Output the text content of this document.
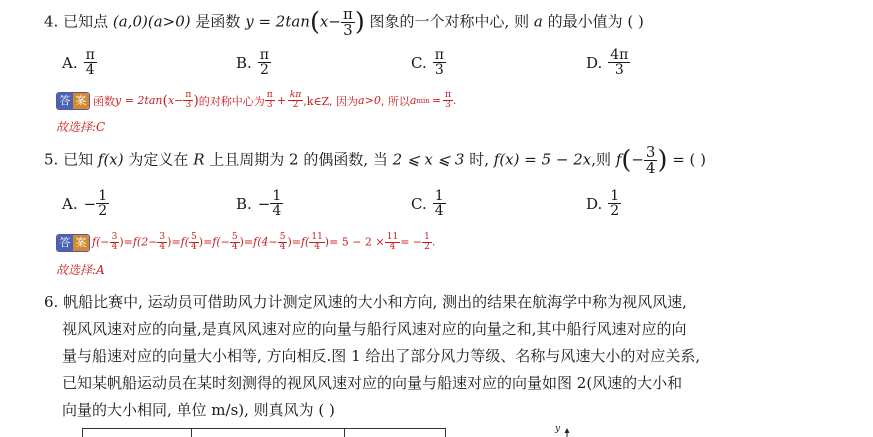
4. 已知点 (a,0)(a>0) 是函数 $y = 2\tan(x- \frac{\pi}{3}$ ) 图象的一个对称中心, 则 a 的最小值为 ( )
A. $\frac{\pi}{4}$	B. $\frac{\pi}{2}$	C. $\frac{\pi}{3}$	D. $\frac{4\pi}{3}$
答 案 函数 y = 2tan ( $x- \frac{\pi}{3}$ ) 的对称中心为 $\frac{\pi}{3} + \frac{k\pi}{2}$ ,k∈Z, 因为 a>0 , 所以 a $\min = \frac{\pi}{3}$ .
故选择:C
5. 已知 f(x) 为定义在 R 上且周期为 2 的偶函数, 当 2 ⩽ x ⩽ 3 时, f(x) = 5 − 2x,则 $f(- \frac{3}{4}$ ) = ( )
A. − $\frac{1}{2}$	B. − $\frac{1}{4}$	C. $\frac{1}{4}$	D. $\frac{1}{2}$
答 案 $f(- \frac{3}{4}$ )= $f(2- \frac{3}{4}$ )= $f( \frac{5}{4}$ )= $f(- \frac{5}{4}$ )= $f(4- \frac{5}{4}$ )= $f( \frac{11}{4}$ )= $5 - 2 \times \frac{11}{4}$ = − $\frac{1}{2}$ .
故选择:A
6. 帆船比赛中, 运动员可借助风力计测定风速的大小和方向, 测出的结果在航海学中称为视风风速,
视风风速对应的向量,是真风风速对应的向量与船行风速对应的向量之和,其中船行风速对应的向
量与船速对应的向量大小相等, 方向相反.图 1 给出了部分风力等级、名称与风速大小的对应关系,
已知某帆船运动员在某时刻测得的视风风速对应的向量与船速对应的向量如图 2(风速的大小和
向量的大小相同, 单位 m/s), 则真风为 ( )
y
